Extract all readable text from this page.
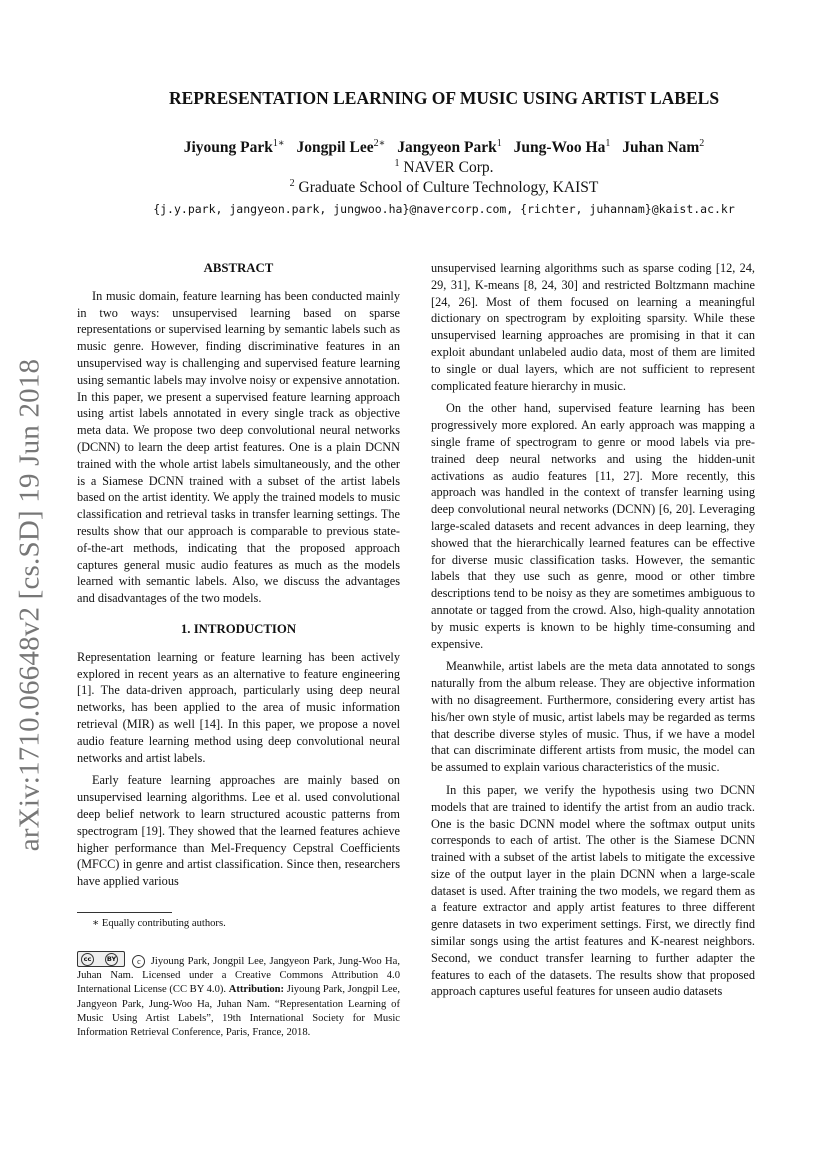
arXiv:1710.06648v2 [cs.SD] 19 Jun 2018
REPRESENTATION LEARNING OF MUSIC USING ARTIST LABELS
Jiyoung Park$^{1∗}$ Jongpil Lee$^{2∗}$ Jangyeon Park$^1$ Jung-Woo Ha$^1$ Juhan Nam$^2$
$^1$ NAVER Corp.
$^2$ Graduate School of Culture Technology, KAIST
{j.y.park, jangyeon.park, jungwoo.ha}@navercorp.com, {richter, juhannam}@kaist.ac.kr
ABSTRACT

In music domain, feature learning has been conducted mainly in two ways: unsupervised learning based on sparse representations or supervised learning by semantic labels such as music genre. However, finding discriminative features in an unsupervised way is challenging and supervised feature learning using semantic labels may involve noisy or expensive annotation. In this paper, we present a supervised feature learning approach using artist labels annotated in every single track as objective meta data. We propose two deep convolutional neural networks (DCNN) to learn the deep artist features. One is a plain DCNN trained with the whole artist labels simultaneously, and the other is a Siamese DCNN trained with a subset of the artist labels based on the artist identity. We apply the trained models to music classification and retrieval tasks in transfer learning settings. The results show that our approach is comparable to previous state-of-the-art methods, indicating that the proposed approach captures general music audio features as much as the models learned with semantic labels. Also, we discuss the advantages and disadvantages of the two models.

1. INTRODUCTION

Representation learning or feature learning has been actively explored in recent years as an alternative to feature engineering [1]. The data-driven approach, particularly using deep neural networks, has been applied to the area of music information retrieval (MIR) as well [14]. In this paper, we propose a novel audio feature learning method using deep convolutional neural networks and artist labels.

Early feature learning approaches are mainly based on unsupervised learning algorithms. Lee et al. used convolutional deep belief network to learn structured acoustic patterns from spectrogram [19]. They showed that the learned features achieve higher performance than Mel-Frequency Cepstral Coefficients (MFCC) in genre and artist classification. Since then, researchers have applied various

∗ Equally contributing authors.

cc	BY	c Jiyoung Park, Jongpil Lee, Jangyeon Park, Jung-Woo Ha, Juhan Nam. Licensed under a Creative Commons Attribution 4.0 International License (CC BY 4.0). Attribution: Jiyoung Park, Jongpil Lee, Jangyeon Park, Jung-Woo Ha, Juhan Nam. “Representation Learning of Music Using Artist Labels”, 19th International Society for Music Information Retrieval Conference, Paris, France, 2018.

unsupervised learning algorithms such as sparse coding [12, 24, 29, 31], K-means [8, 24, 30] and restricted Boltzmann machine [24, 26]. Most of them focused on learning a meaningful dictionary on spectrogram by exploiting sparsity. While these unsupervised learning approaches are promising in that it can exploit abundant unlabeled audio data, most of them are limited to single or dual layers, which are not sufficient to represent complicated feature hierarchy in music.

On the other hand, supervised feature learning has been progressively more explored. An early approach was mapping a single frame of spectrogram to genre or mood labels via pre-trained deep neural networks and using the hidden-unit activations as audio features [11, 27]. More recently, this approach was handled in the context of transfer learning using deep convolutional neural networks (DCNN) [6, 20]. Leveraging large-scaled datasets and recent advances in deep learning, they showed that the hierarchically learned features can be effective for diverse music classification tasks. However, the semantic labels that they use such as genre, mood or other timbre descriptions tend to be noisy as they are sometimes ambiguous to annotate or tagged from the crowd. Also, high-quality annotation by music experts is known to be highly time-consuming and expensive.

Meanwhile, artist labels are the meta data annotated to songs naturally from the album release. They are objective information with no disagreement. Furthermore, considering every artist has his/her own style of music, artist labels may be regarded as terms that describe diverse styles of music. Thus, if we have a model that can discriminate different artists from music, the model can be assumed to explain various characteristics of the music.

In this paper, we verify the hypothesis using two DCNN models that are trained to identify the artist from an audio track. One is the basic DCNN model where the softmax output units corresponds to each of artist. The other is the Siamese DCNN trained with a subset of the artist labels to mitigate the excessive size of the output layer in the plain DCNN when a large-scale dataset is used. After training the two models, we regard them as a feature extractor and apply artist features to three different genre datasets in two experiment settings. First, we directly find similar songs using the artist features and K-nearest neighbors. Second, we conduct transfer learning to further adapter the features to each of the datasets. The results show that proposed approach captures useful features for unseen audio datasets
